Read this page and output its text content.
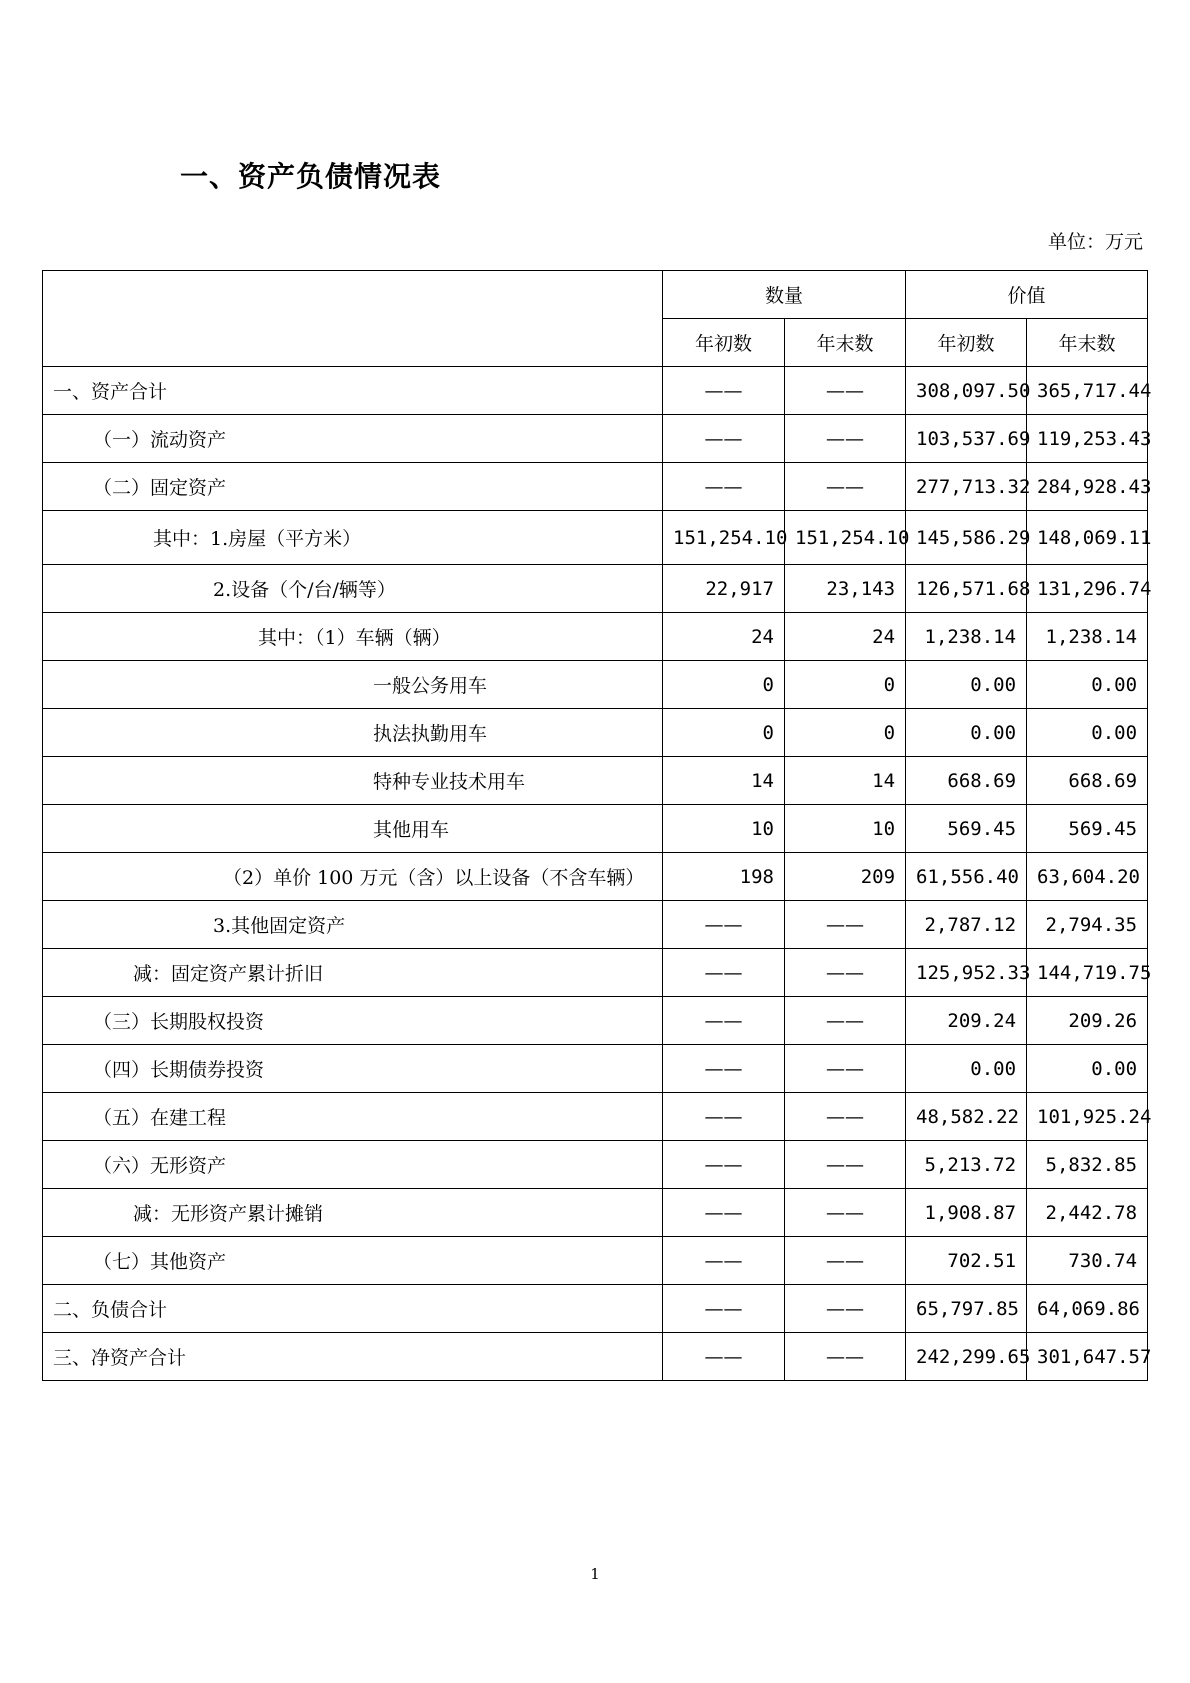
一、资产负债情况表
单位：万元
	数量		价值	
	年初数	年末数	年初数	年末数
一、资产合计	——	——	308,097.50	365,717.44
（一）流动资产	——	——	103,537.69	119,253.43
（二）固定资产	——	——	277,713.32	284,928.43
其中：1.房屋（平方米）	151,254.10	151,254.10	145,586.29	148,069.11
2.设备（个/台/辆等）	22,917	23,143	126,571.68	131,296.74
其中：（1）车辆（辆）	24	24	1,238.14	1,238.14
一般公务用车	0	0	0.00	0.00
执法执勤用车	0	0	0.00	0.00
特种专业技术用车	14	14	668.69	668.69
其他用车	10	10	569.45	569.45
（2）单价 100 万元（含）以上设备（不含车辆）	198	209	61,556.40	63,604.20
3.其他固定资产	——	——	2,787.12	2,794.35
减：固定资产累计折旧	——	——	125,952.33	144,719.75
（三）长期股权投资	——	——	209.24	209.26
（四）长期债券投资	——	——	0.00	0.00
（五）在建工程	——	——	48,582.22	101,925.24
（六）无形资产	——	——	5,213.72	5,832.85
减：无形资产累计摊销	——	——	1,908.87	2,442.78
（七）其他资产	——	——	702.51	730.74
二、负债合计	——	——	65,797.85	64,069.86
三、净资产合计	——	——	242,299.65	301,647.57
1
